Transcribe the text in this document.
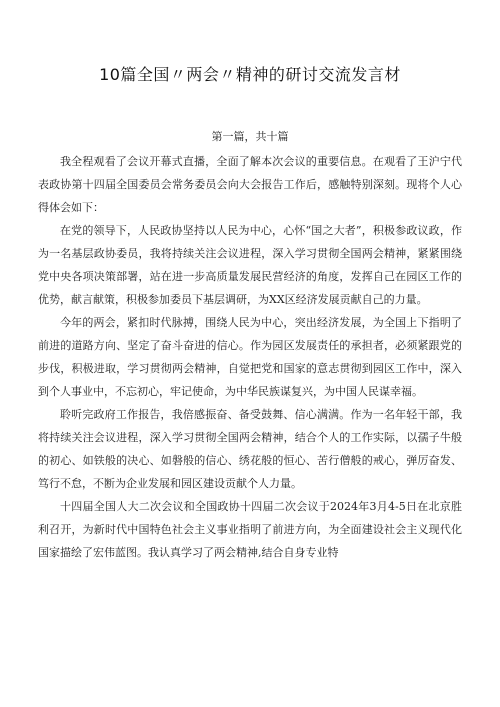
10篇全国〃两会〃精神的研讨交流发言材
第一篇，共十篇

我全程观看了会议开幕式直播，全面了解本次会议的重要信息。在观看了王沪宁代表政协第十四届全国委员会常务委员会向大会报告工作后，感触特别深刻。现将个人心得体会如下：

在党的领导下，人民政协坚持以人民为中心，心怀“国之大者”，积极参政议政，作为一名基层政协委员，我将持续关注会议进程，深入学习贯彻全国两会精神，紧紧围绕党中央各项决策部署，站在进一步高质量发展民营经济的角度，发挥自己在园区工作的优势，献言献策，积极参加委员下基层调研，为XX区经济发展贡献自己的力量。

今年的两会，紧扣时代脉搏，围绕人民为中心，突出经济发展，为全国上下指明了前进的道路方向、坚定了奋斗奋进的信心。作为园区发展责任的承担者，必须紧跟党的步伐，积极进取，学习贯彻两会精神，自觉把党和国家的意志贯彻到园区工作中，深入到个人事业中，不忘初心，牢记使命，为中华民族谋复兴，为中国人民谋幸福。

聆听完政府工作报告，我倍感振奋、备受鼓舞、信心满满。作为一名年轻干部，我将持续关注会议进程，深入学习贯彻全国两会精神，结合个人的工作实际，以孺子牛般的初心、如铁般的决心、如磐般的信心、绣花般的恒心、苦行僧般的戒心，弹厉奋发、笃行不怠，不断为企业发展和园区建设贡献个人力量。

十四届全国人大二次会议和全国政协十四届二次会议于2024年3月4-5日在北京胜利召开，为新时代中国特色社会主义事业指明了前进方向，为全面建设社会主义现代化国家描绘了宏伟蓝图。我认真学习了两会精神,结合自身专业特
